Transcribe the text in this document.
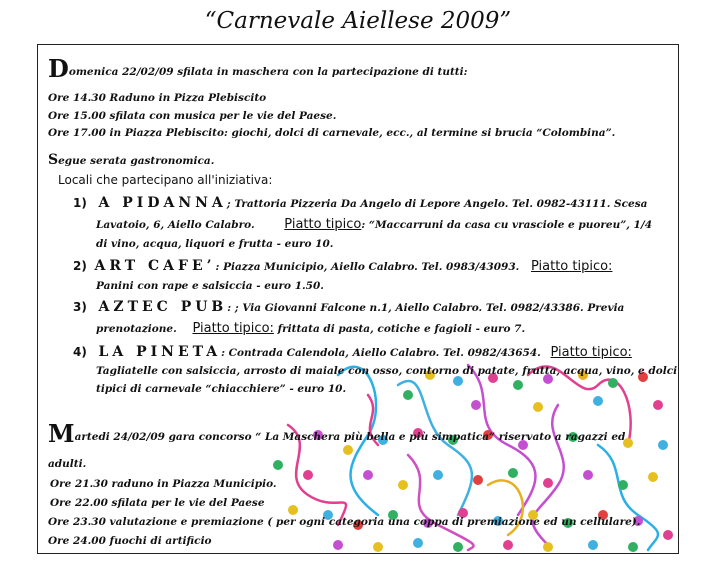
“Carnevale Aiellese 2009”
Domenica 22/02/09 sfilata in maschera con la partecipazione di tutti:
Ore 14.30 Raduno in Pizza Plebiscito
Ore 15.00 sfilata con musica per le vie del Paese.
Ore 17.00 in Piazza Plebiscito: giochi, dolci di carnevale, ecc., al termine si brucia “Colombina”.
Segue serata gastronomica.
Locali che partecipano all'iniziativa:
1) A PIDANNA; Trattoria Pizzeria Da Angelo di Lepore Angelo. Tel. 0982-43111. Scesa
Lavatoio, 6, Aiello Calabro. Piatto tipico: “Maccarruni da casa cu vrasciole e puoreu”, 1/4
di vino, acqua, liquori e frutta - euro 10.
2) ART CAFE’: Piazza Municipio, Aiello Calabro. Tel. 0983/43093. Piatto tipico:
Panini con rape e salsiccia - euro 1.50.
3) AZTEC PUB: ; Via Giovanni Falcone n.1, Aiello Calabro. Tel. 0982/43386. Previa
prenotazione. Piatto tipico: frittata di pasta, cotiche e fagioli - euro 7.
4) LA PINETA: Contrada Calendola, Aiello Calabro. Tel. 0982/43654. Piatto tipico:
Tagliatelle con salsiccia, arrosto di maiale con osso, contorno di patate, frutta, acqua, vino, e dolci
tipici di carnevale “chiacchiere” - euro 10.
Martedi 24/02/09 gara concorso “ La Maschera più bella e più simpatica” riservato a ragazzi ed
adulti.
Ore 21.30 raduno in Piazza Municipio.
Ore 22.00 sfilata per le vie del Paese
Ore 23.30 valutazione e premiazione ( per ogni categoria una coppa di premiazione ed un cellulare).
Ore 24.00 fuochi di artificio
